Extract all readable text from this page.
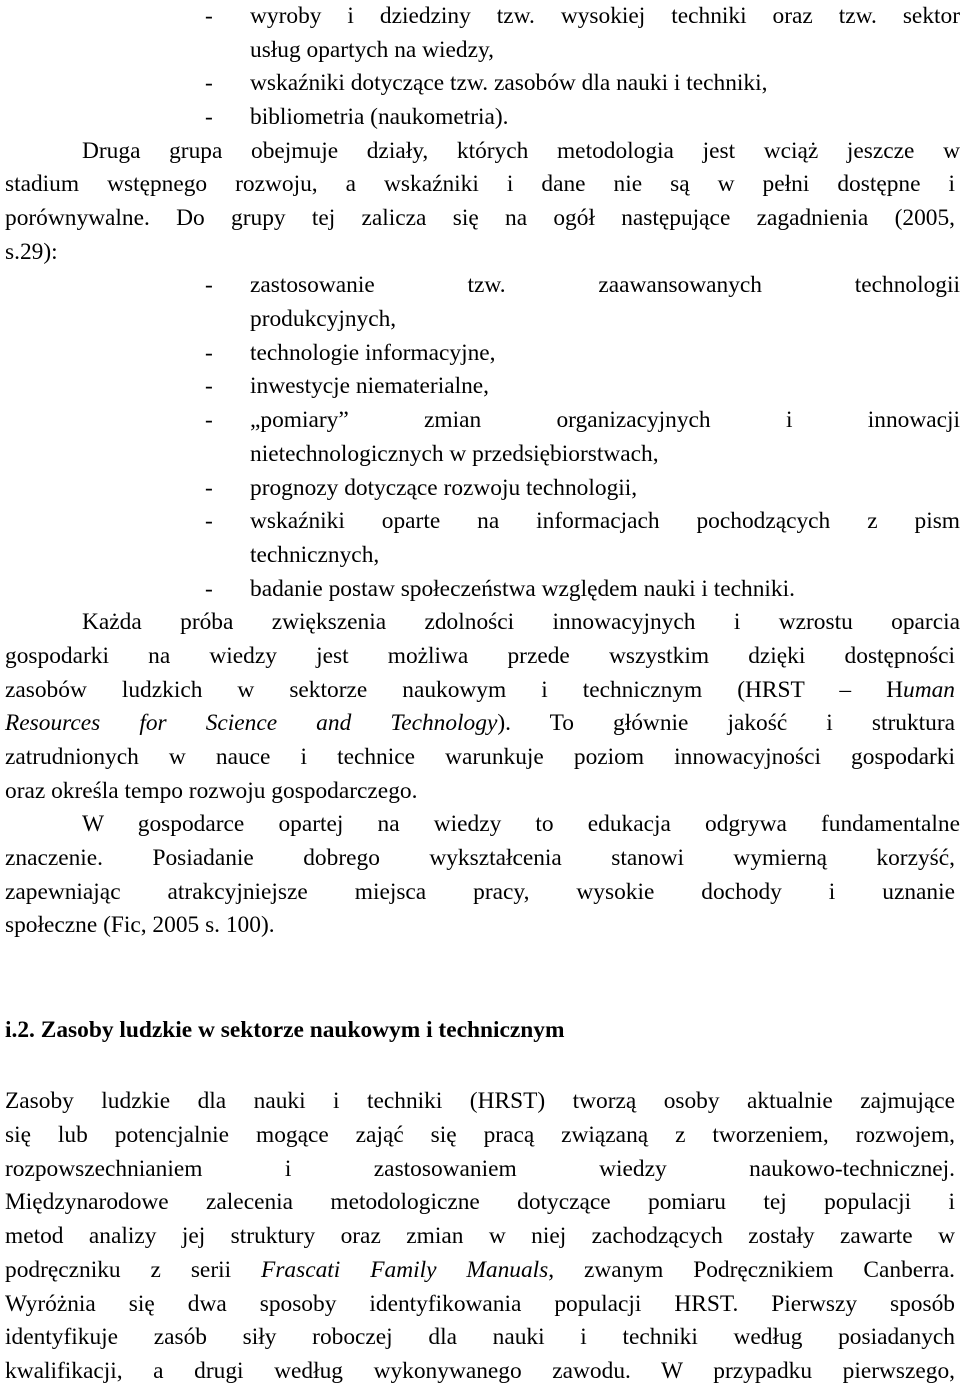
- wyroby i dziedziny tzw. wysokiej techniki oraz tzw. sektor
usług opartych na wiedzy,
- wskaźniki dotyczące tzw. zasobów dla nauki i techniki,
- bibliometria (naukometria).
Druga grupa obejmuje działy, których metodologia jest wciąż jeszcze w
stadium wstępnego rozwoju, a wskaźniki i dane nie są w pełni dostępne i
porównywalne. Do grupy tej zalicza się na ogół następujące zagadnienia (2005,
s.29):
- zastosowanie tzw. zaawansowanych technologii
produkcyjnych,
- technologie informacyjne,
- inwestycje niematerialne,
- „pomiary” zmian organizacyjnych i innowacji
nietechnologicznych w przedsiębiorstwach,
- prognozy dotyczące rozwoju technologii,
- wskaźniki oparte na informacjach pochodzących z pism
technicznych,
- badanie postaw społeczeństwa względem nauki i techniki.
Każda próba zwiększenia zdolności innowacyjnych i wzrostu oparcia
gospodarki na wiedzy jest możliwa przede wszystkim dzięki dostępności
zasobów ludzkich w sektorze naukowym i technicznym (HRST – Human
Resources for Science and Technology). To głównie jakość i struktura
zatrudnionych w nauce i technice warunkuje poziom innowacyjności gospodarki
oraz określa tempo rozwoju gospodarczego.
W gospodarce opartej na wiedzy to edukacja odgrywa fundamentalne
znaczenie. Posiadanie dobrego wykształcenia stanowi wymierną korzyść,
zapewniając atrakcyjniejsze miejsca pracy, wysokie dochody i uznanie
społeczne (Fic, 2005 s. 100).
i.2. Zasoby ludzkie w sektorze naukowym i technicznym
Zasoby ludzkie dla nauki i techniki (HRST) tworzą osoby aktualnie zajmujące
się lub potencjalnie mogące zająć się pracą związaną z tworzeniem, rozwojem,
rozpowszechnianiem i zastosowaniem wiedzy naukowo-technicznej.
Międzynarodowe zalecenia metodologiczne dotyczące pomiaru tej populacji i
metod analizy jej struktury oraz zmian w niej zachodzących zostały zawarte w
podręczniku z serii Frascati Family Manuals, zwanym Podręcznikiem Canberra.
Wyróżnia się dwa sposoby identyfikowania populacji HRST. Pierwszy sposób
identyfikuje zasób siły roboczej dla nauki i techniki według posiadanych
kwalifikacji, a drugi według wykonywanego zawodu. W przypadku pierwszego,
